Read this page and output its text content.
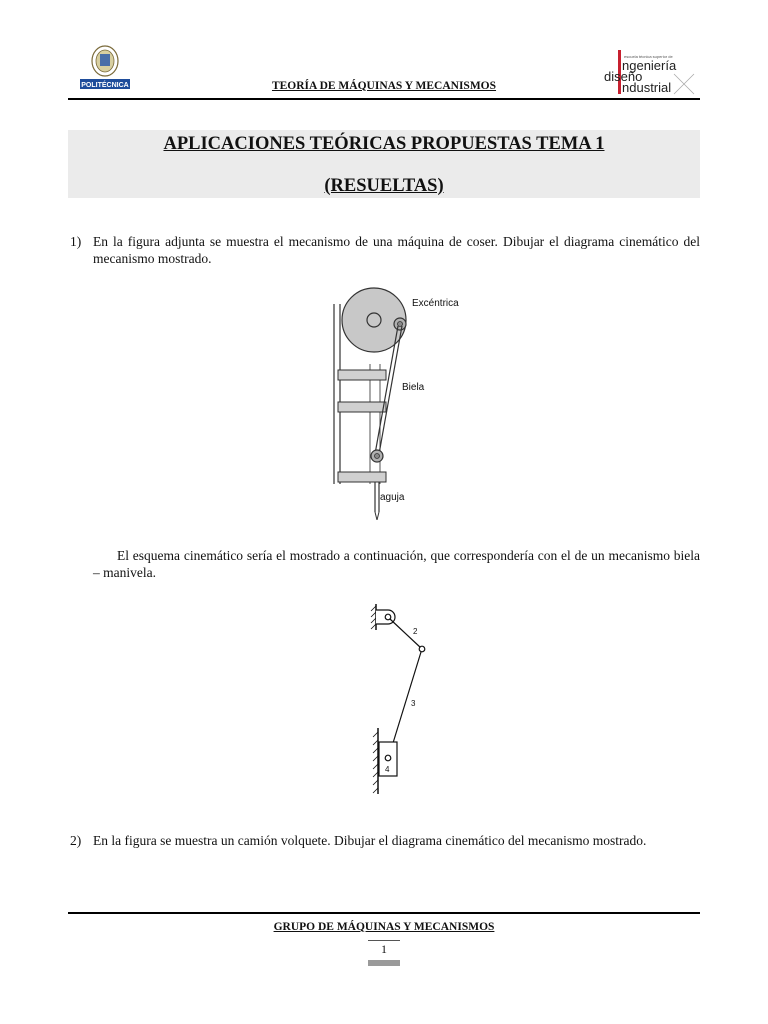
POLITÉCNICA
escuela técnica superior de
ngeniería
diseño
ndustrial
TEORÍA DE MÁQUINAS Y MECANISMOS
APLICACIONES TEÓRICAS PROPUESTAS TEMA 1
(RESUELTAS)
1) En la figura adjunta se muestra el mecanismo de una máquina de coser. Dibujar el diagrama cinemático del mecanismo mostrado.
Excéntrica
Biela
aguja
El esquema cinemático sería el mostrado a continuación, que correspondería con el de un mecanismo biela – manivela.
2
3
4
2) En la figura se muestra un camión volquete. Dibujar el diagrama cinemático del mecanismo mostrado.
GRUPO DE MÁQUINAS Y MECANISMOS
1
